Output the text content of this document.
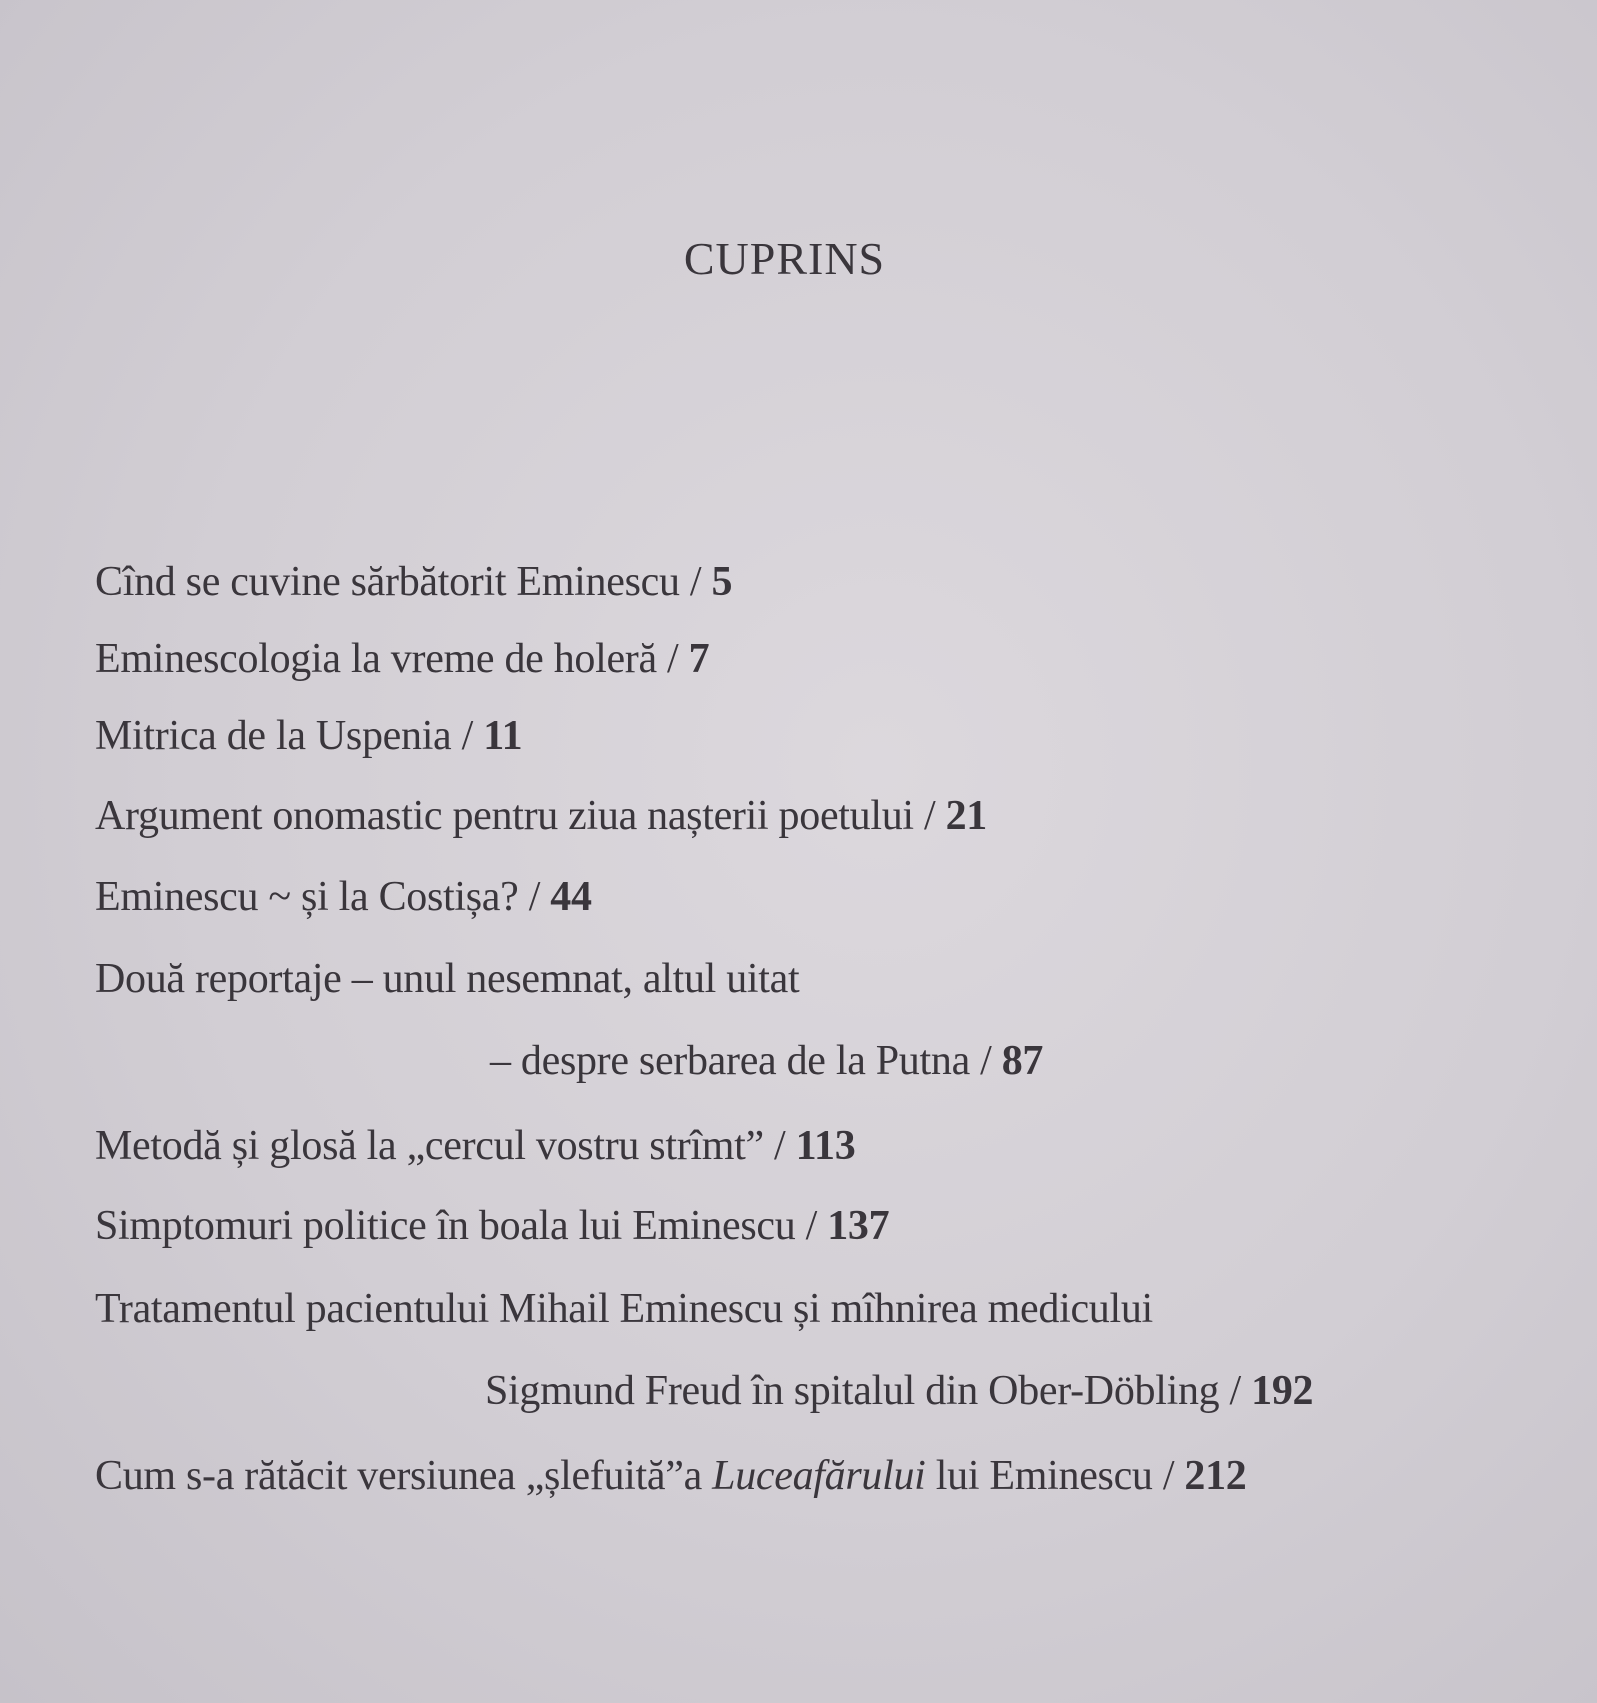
CUPRINS
Cînd se cuvine sărbătorit Eminescu / 5
Eminescologia la vreme de holeră / 7
Mitrica de la Uspenia / 11
Argument onomastic pentru ziua nașterii poetului / 21
Eminescu ~ și la Costișa? / 44
Două reportaje – unul nesemnat, altul uitat
– despre serbarea de la Putna / 87
Metodă și glosă la „cercul vostru strîmt” / 113
Simptomuri politice în boala lui Eminescu / 137
Tratamentul pacientului Mihail Eminescu și mîhnirea medicului
Sigmund Freud în spitalul din Ober-Döbling / 192
Cum s-a rătăcit versiunea „șlefuită”a Luceafărului lui Eminescu / 212
